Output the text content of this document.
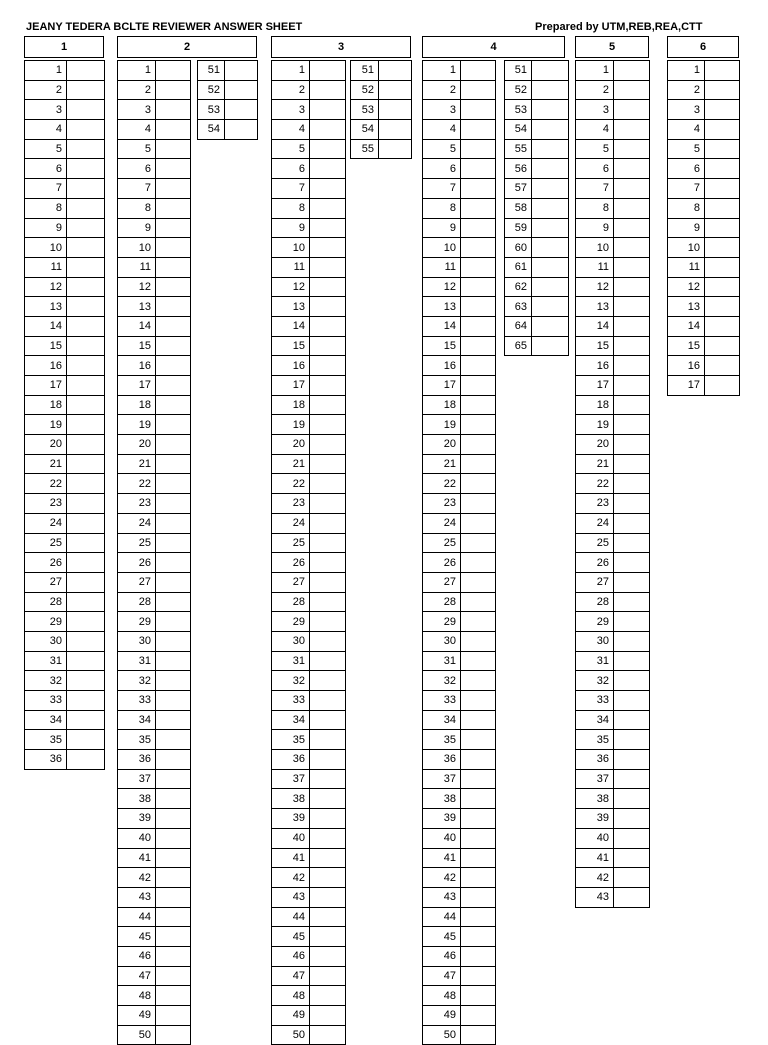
JEANY TEDERA BCLTE REVIEWER ANSWER SHEET	Prepared by UTM,REB,REA,CTT
1
1	
2	
3	
4	
5	
6	
7	
8	
9	
10	
11	
12	
13	
14	
15	
16	
17	
18	
19	
20	
21	
22	
23	
24	
25	
26	
27	
28	
29	
30	
31	
32	
33	
34	
35	
36	
2
1	
2	
3	
4	
5	
6	
7	
8	
9	
10	
11	
12	
13	
14	
15	
16	
17	
18	
19	
20	
21	
22	
23	
24	
25	
26	
27	
28	
29	
30	
31	
32	
33	
34	
35	
36	
37	
38	
39	
40	
41	
42	
43	
44	
45	
46	
47	
48	
49	
50	
51	
52	
53	
54	
3
1	
2	
3	
4	
5	
6	
7	
8	
9	
10	
11	
12	
13	
14	
15	
16	
17	
18	
19	
20	
21	
22	
23	
24	
25	
26	
27	
28	
29	
30	
31	
32	
33	
34	
35	
36	
37	
38	
39	
40	
41	
42	
43	
44	
45	
46	
47	
48	
49	
50	
51	
52	
53	
54	
55	
4
1	
2	
3	
4	
5	
6	
7	
8	
9	
10	
11	
12	
13	
14	
15	
16	
17	
18	
19	
20	
21	
22	
23	
24	
25	
26	
27	
28	
29	
30	
31	
32	
33	
34	
35	
36	
37	
38	
39	
40	
41	
42	
43	
44	
45	
46	
47	
48	
49	
50	
51	
52	
53	
54	
55	
56	
57	
58	
59	
60	
61	
62	
63	
64	
65	
5
1	
2	
3	
4	
5	
6	
7	
8	
9	
10	
11	
12	
13	
14	
15	
16	
17	
18	
19	
20	
21	
22	
23	
24	
25	
26	
27	
28	
29	
30	
31	
32	
33	
34	
35	
36	
37	
38	
39	
40	
41	
42	
43	
6
1	
2	
3	
4	
5	
6	
7	
8	
9	
10	
11	
12	
13	
14	
15	
16	
17	
